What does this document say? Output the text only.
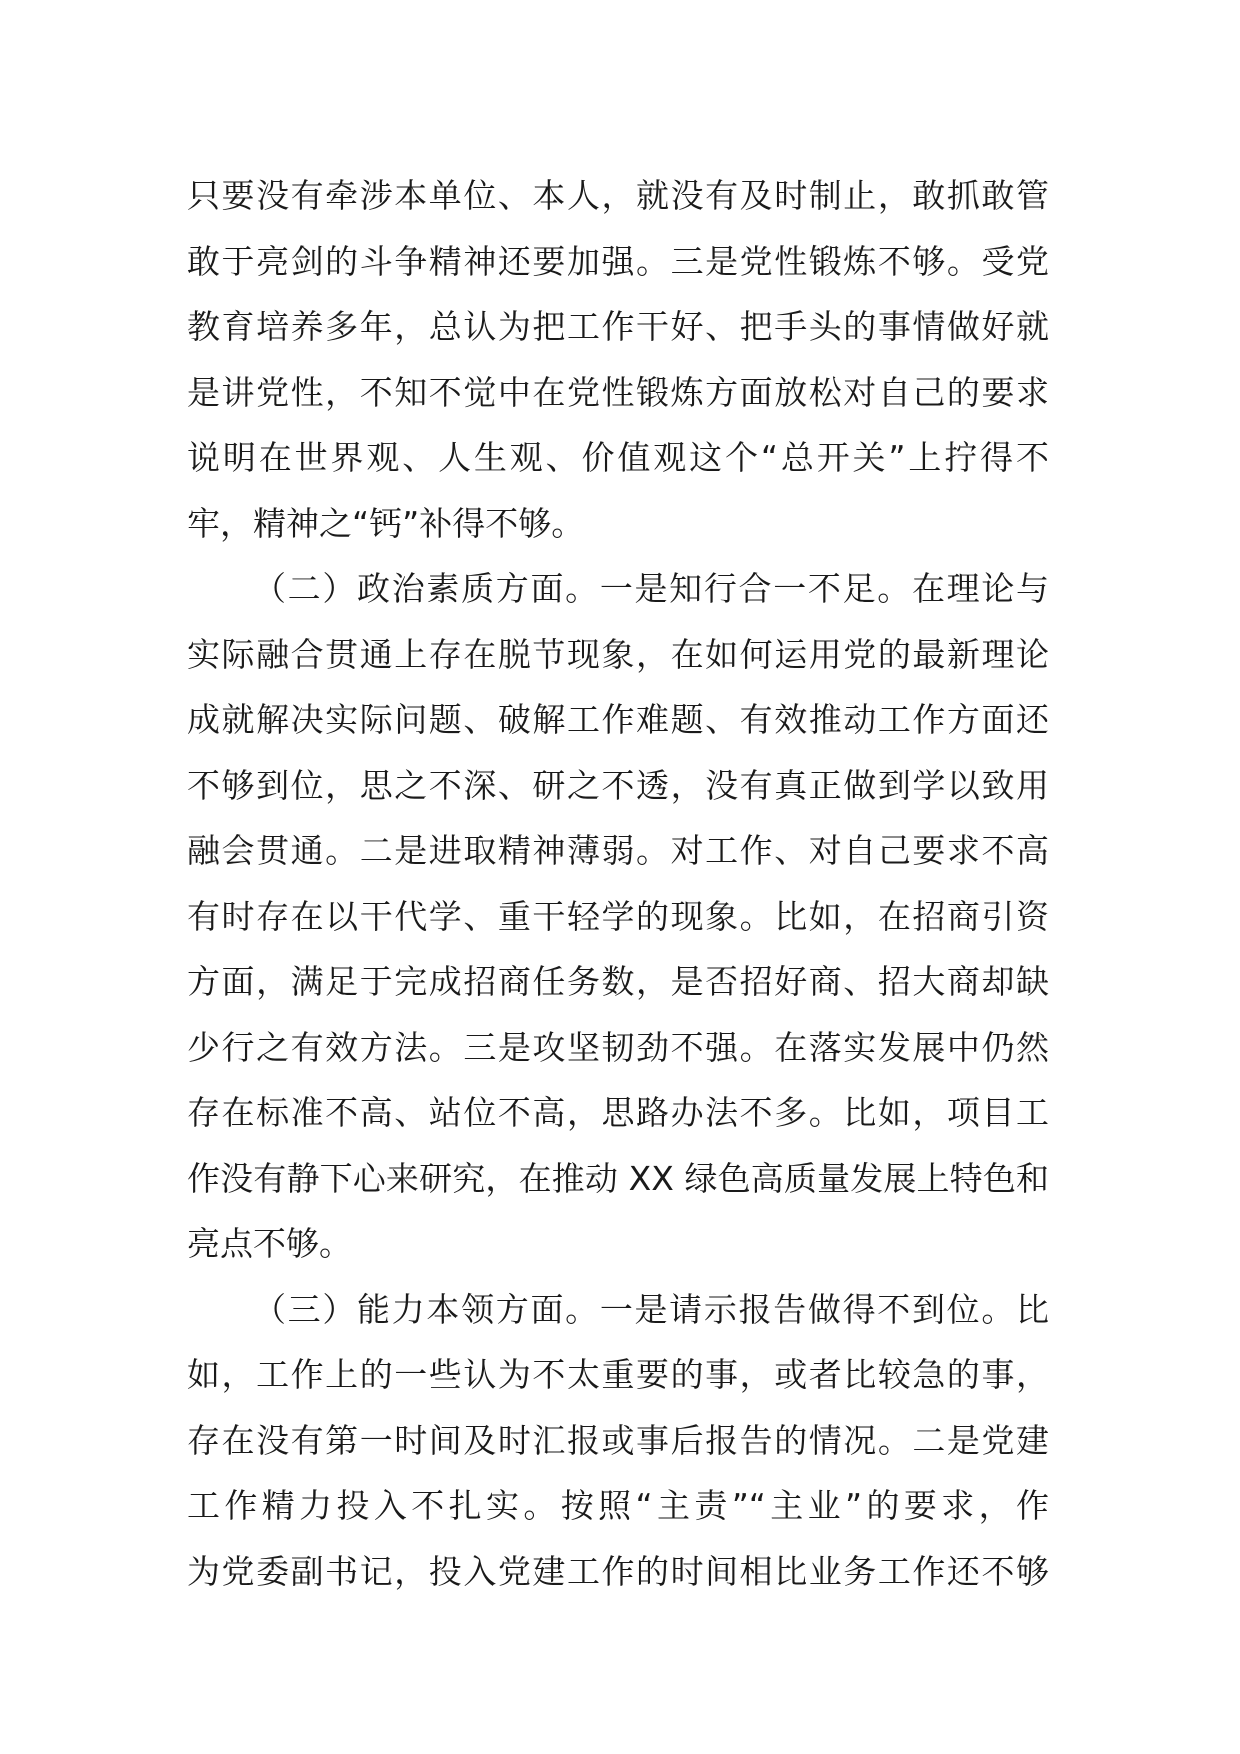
只要没有牵涉本单位、本人，就没有及时制止，敢抓敢管
敢于亮剑的斗争精神还要加强。三是党性锻炼不够。受党
教育培养多年，总认为把工作干好、把手头的事情做好就
是讲党性，不知不觉中在党性锻炼方面放松对自己的要求
说明在世界观、人生观、价值观这个“总开关”上拧得不
牢，精神之“钙”补得不够。
（二）政治素质方面。一是知行合一不足。在理论与
实际融合贯通上存在脱节现象，在如何运用党的最新理论
成就解决实际问题、破解工作难题、有效推动工作方面还
不够到位，思之不深、研之不透，没有真正做到学以致用
融会贯通。二是进取精神薄弱。对工作、对自己要求不高
有时存在以干代学、重干轻学的现象。比如，在招商引资
方面，满足于完成招商任务数，是否招好商、招大商却缺
少行之有效方法。三是攻坚韧劲不强。在落实发展中仍然
存在标准不高、站位不高，思路办法不多。比如，项目工
作没有静下心来研究，在推动 XX 绿色高质量发展上特色和
亮点不够。
（三）能力本领方面。一是请示报告做得不到位。比
如，工作上的一些认为不太重要的事，或者比较急的事，
存在没有第一时间及时汇报或事后报告的情况。二是党建
工作精力投入不扎实。按照“主责”“主业”的要求，作
为党委副书记，投入党建工作的时间相比业务工作还不够
